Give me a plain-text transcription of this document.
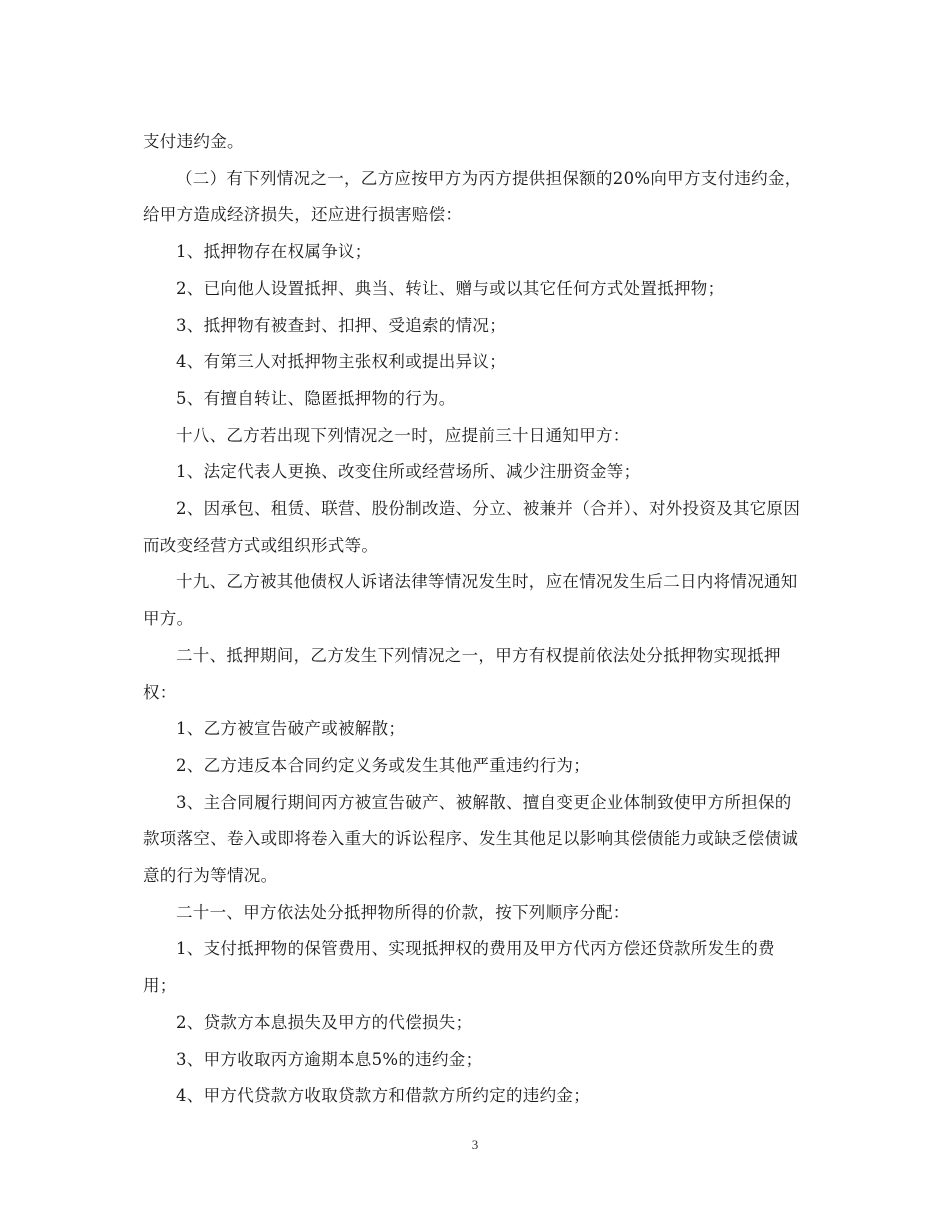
支付违约金。

（二）有下列情况之一，乙方应按甲方为丙方提供担保额的20%向甲方支付违约金，给甲方造成经济损失，还应进行损害赔偿：

1、抵押物存在权属争议；

2、已向他人设置抵押、典当、转让、赠与或以其它任何方式处置抵押物；

3、抵押物有被查封、扣押、受追索的情况；

4、有第三人对抵押物主张权利或提出异议；

5、有擅自转让、隐匿抵押物的行为。

十八、乙方若出现下列情况之一时，应提前三十日通知甲方：

1、法定代表人更换、改变住所或经营场所、减少注册资金等；

2、因承包、租赁、联营、股份制改造、分立、被兼并（合并）、对外投资及其它原因而改变经营方式或组织形式等。

十九、乙方被其他债权人诉诸法律等情况发生时，应在情况发生后二日内将情况通知甲方。

二十、抵押期间，乙方发生下列情况之一，甲方有权提前依法处分抵押物实现抵押权：

1、乙方被宣告破产或被解散；

2、乙方违反本合同约定义务或发生其他严重违约行为；

3、主合同履行期间丙方被宣告破产、被解散、擅自变更企业体制致使甲方所担保的款项落空、卷入或即将卷入重大的诉讼程序、发生其他足以影响其偿债能力或缺乏偿债诚意的行为等情况。

二十一、甲方依法处分抵押物所得的价款，按下列顺序分配：

1、支付抵押物的保管费用、实现抵押权的费用及甲方代丙方偿还贷款所发生的费用；

2、贷款方本息损失及甲方的代偿损失；

3、甲方收取丙方逾期本息5%的违约金；

4、甲方代贷款方收取贷款方和借款方所约定的违约金；

3
